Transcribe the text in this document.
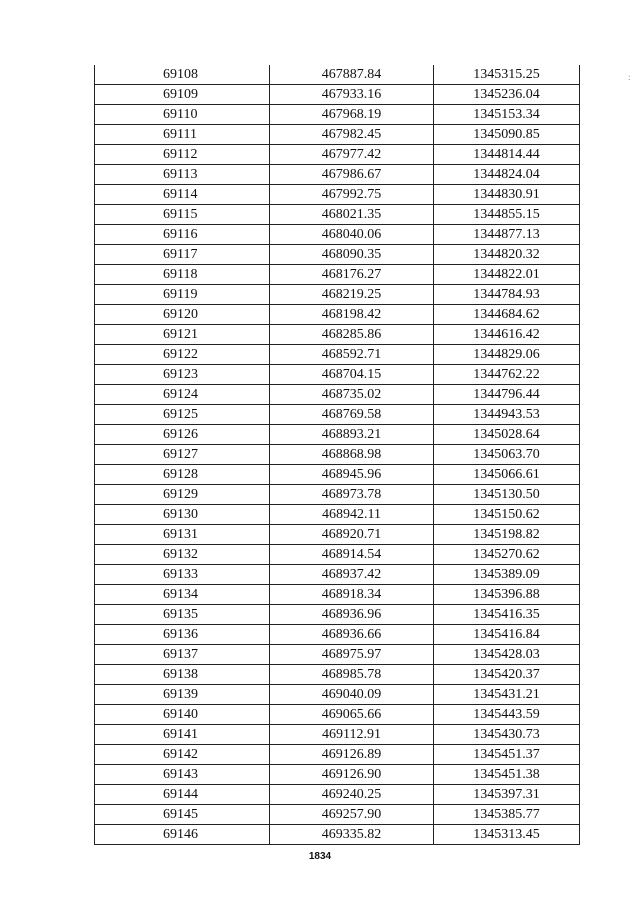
69108	467887.84	1345315.25
69109	467933.16	1345236.04
69110	467968.19	1345153.34
69111	467982.45	1345090.85
69112	467977.42	1344814.44
69113	467986.67	1344824.04
69114	467992.75	1344830.91
69115	468021.35	1344855.15
69116	468040.06	1344877.13
69117	468090.35	1344820.32
69118	468176.27	1344822.01
69119	468219.25	1344784.93
69120	468198.42	1344684.62
69121	468285.86	1344616.42
69122	468592.71	1344829.06
69123	468704.15	1344762.22
69124	468735.02	1344796.44
69125	468769.58	1344943.53
69126	468893.21	1345028.64
69127	468868.98	1345063.70
69128	468945.96	1345066.61
69129	468973.78	1345130.50
69130	468942.11	1345150.62
69131	468920.71	1345198.82
69132	468914.54	1345270.62
69133	468937.42	1345389.09
69134	468918.34	1345396.88
69135	468936.96	1345416.35
69136	468936.66	1345416.84
69137	468975.97	1345428.03
69138	468985.78	1345420.37
69139	469040.09	1345431.21
69140	469065.66	1345443.59
69141	469112.91	1345430.73
69142	469126.89	1345451.37
69143	469126.90	1345451.38
69144	469240.25	1345397.31
69145	469257.90	1345385.77
69146	469335.82	1345313.45
:
1834
